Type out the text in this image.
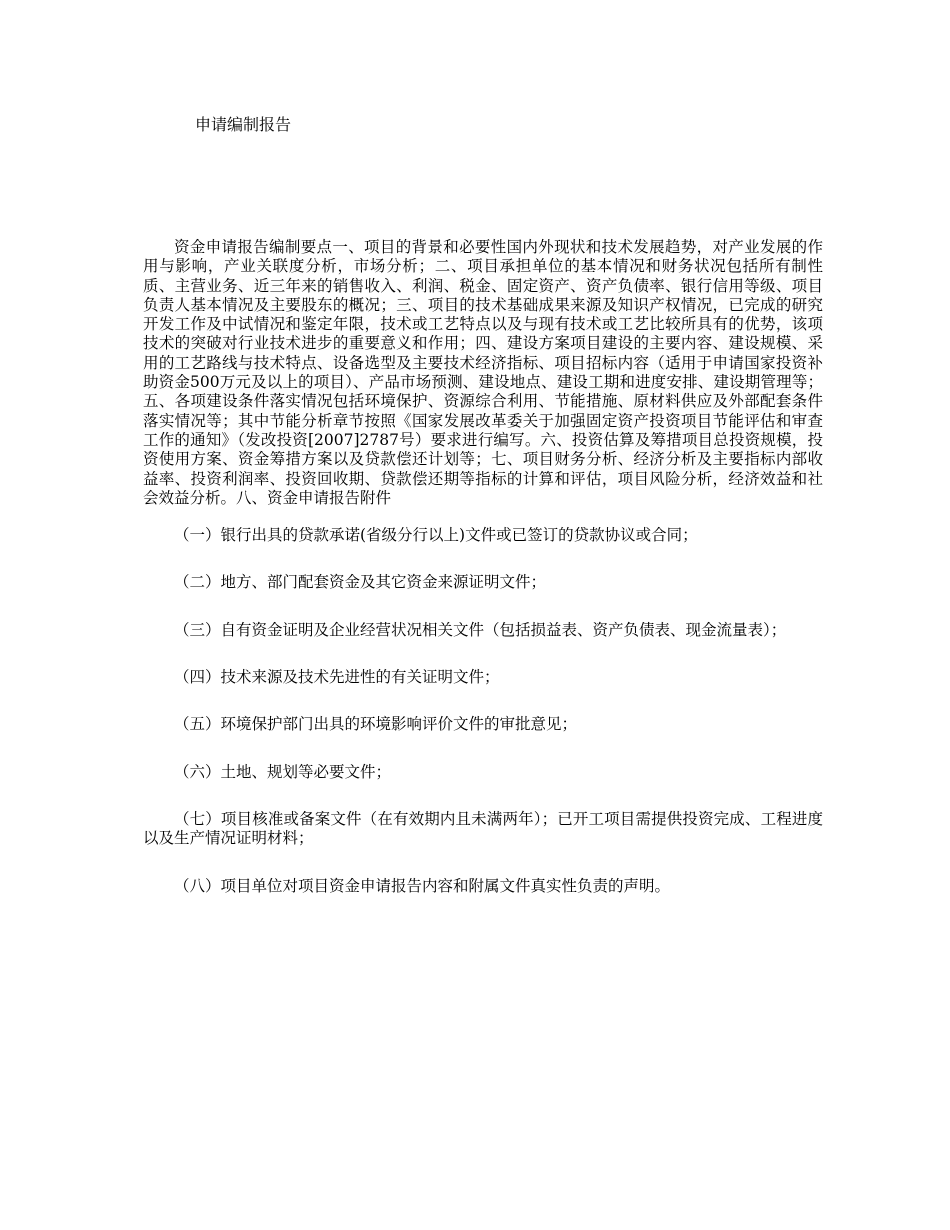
申请编制报告

资金申请报告编制要点一、项目的背景和必要性国内外现状和技术发展趋势，对产业发展的作用与影响，产业关联度分析，市场分析；二、项目承担单位的基本情况和财务状况包括所有制性质、主营业务、近三年来的销售收入、利润、税金、固定资产、资产负债率、银行信用等级、项目负责人基本情况及主要股东的概况；三、项目的技术基础成果来源及知识产权情况，已完成的研究开发工作及中试情况和鉴定年限，技术或工艺特点以及与现有技术或工艺比较所具有的优势，该项技术的突破对行业技术进步的重要意义和作用；四、建设方案项目建设的主要内容、建设规模、采用的工艺路线与技术特点、设备选型及主要技术经济指标、项目招标内容（适用于申请国家投资补助资金500万元及以上的项目）、产品市场预测、建设地点、建设工期和进度安排、建设期管理等；五、各项建设条件落实情况包括环境保护、资源综合利用、节能措施、原材料供应及外部配套条件落实情况等；其中节能分析章节按照《国家发展改革委关于加强固定资产投资项目节能评估和审查工作的通知》（发改投资[2007]2787号）要求进行编写。六、投资估算及筹措项目总投资规模，投资使用方案、资金筹措方案以及贷款偿还计划等；七、项目财务分析、经济分析及主要指标内部收益率、投资利润率、投资回收期、贷款偿还期等指标的计算和评估，项目风险分析，经济效益和社会效益分析。八、资金申请报告附件

（一）银行出具的贷款承诺(省级分行以上)文件或已签订的贷款协议或合同；

（二）地方、部门配套资金及其它资金来源证明文件；

（三）自有资金证明及企业经营状况相关文件（包括损益表、资产负债表、现金流量表）；

（四）技术来源及技术先进性的有关证明文件；

（五）环境保护部门出具的环境影响评价文件的审批意见；

（六）土地、规划等必要文件；

（七）项目核准或备案文件（在有效期内且未满两年）；已开工项目需提供投资完成、工程进度以及生产情况证明材料；

（八）项目单位对项目资金申请报告内容和附属文件真实性负责的声明。
